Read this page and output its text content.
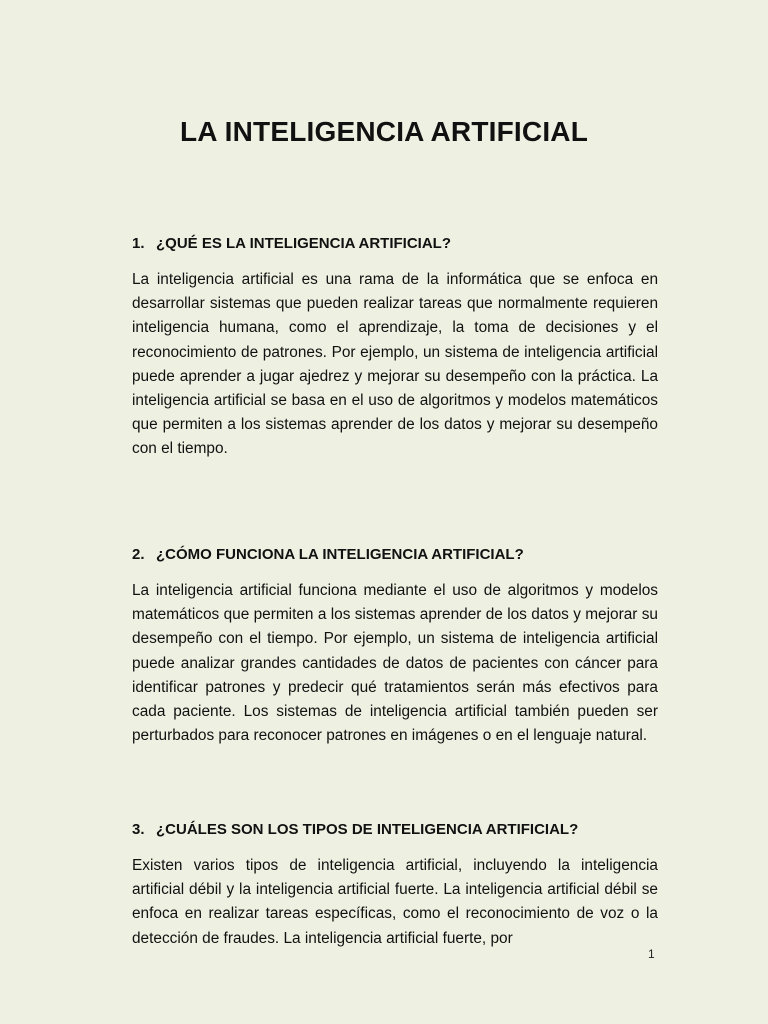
LA INTELIGENCIA ARTIFICIAL
1. ¿QUÉ ES LA INTELIGENCIA ARTIFICIAL?

La inteligencia artificial es una rama de la informática que se enfoca en desarrollar sistemas que pueden realizar tareas que normalmente requieren inteligencia humana, como el aprendizaje, la toma de decisiones y el reconocimiento de patrones. Por ejemplo, un sistema de inteligencia artificial puede aprender a jugar ajedrez y mejorar su desempeño con la práctica. La inteligencia artificial se basa en el uso de algoritmos y modelos matemáticos que permiten a los sistemas aprender de los datos y mejorar su desempeño con el tiempo.

2. ¿CÓMO FUNCIONA LA INTELIGENCIA ARTIFICIAL?

La inteligencia artificial funciona mediante el uso de algoritmos y modelos matemáticos que permiten a los sistemas aprender de los datos y mejorar su desempeño con el tiempo. Por ejemplo, un sistema de inteligencia artificial puede analizar grandes cantidades de datos de pacientes con cáncer para identificar patrones y predecir qué tratamientos serán más efectivos para cada paciente. Los sistemas de inteligencia artificial también pueden ser perturbados para reconocer patrones en imágenes o en el lenguaje natural.

3. ¿CUÁLES SON LOS TIPOS DE INTELIGENCIA ARTIFICIAL?

Existen varios tipos de inteligencia artificial, incluyendo la inteligencia artificial débil y la inteligencia artificial fuerte. La inteligencia artificial débil se enfoca en realizar tareas específicas, como el reconocimiento de voz o la detección de fraudes. La inteligencia artificial fuerte, por

1
